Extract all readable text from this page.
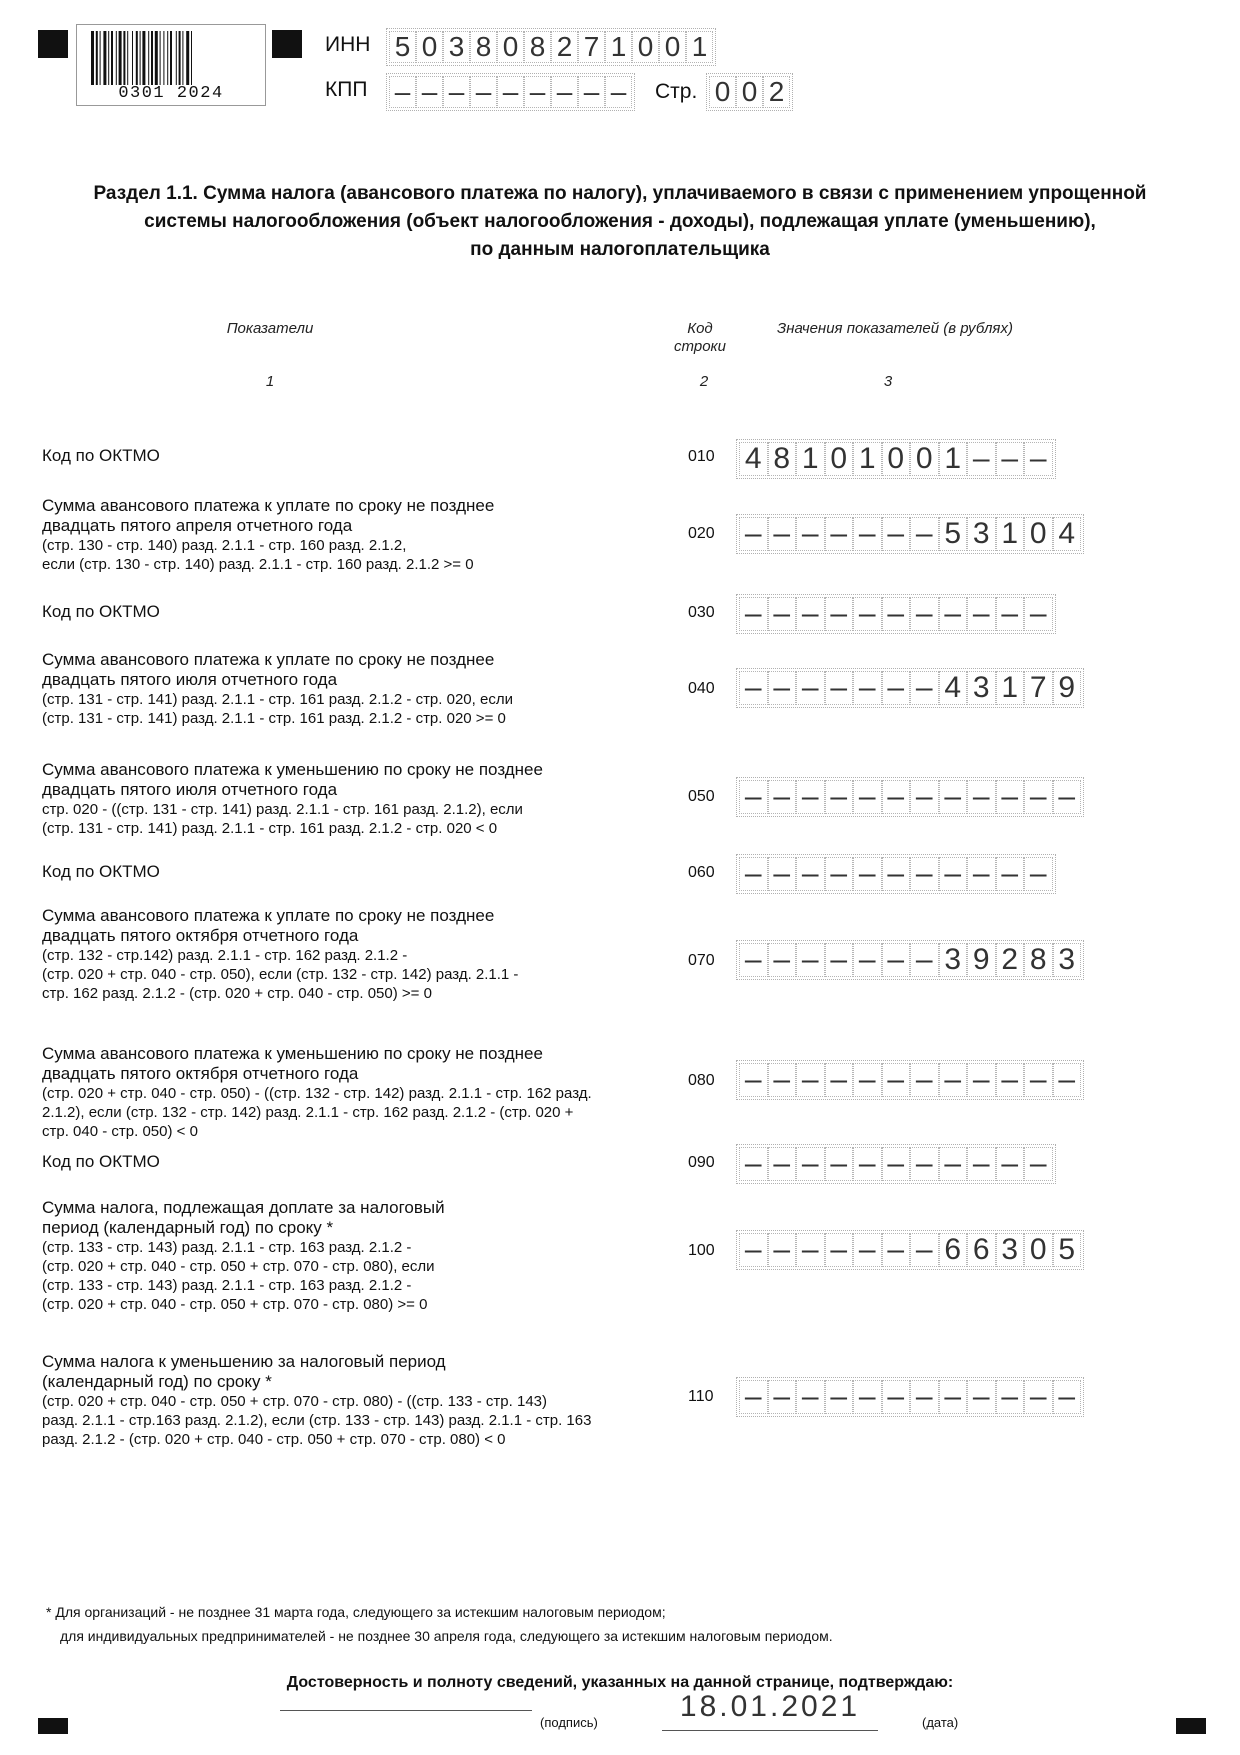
0301 2024
ИНН 5 0 3 8 0 8 2 7 1 0 0 1
КПП – – – – – – – – – Стр. 0 0 2
Раздел 1.1. Сумма налога (авансового платежа по налогу), уплачиваемого в связи с применением упрощенной
системы налогообложения (объект налогообложения - доходы), подлежащая уплате (уменьшению),
по данным налогоплательщика
Показатели	Код
строки
Значения показателей (в рублях)
1	2	3
Код по ОКТМО	010 4 8 1 0 1 0 0 1 – – –
Сумма авансового платежа к уплате по сроку не позднее
двадцать пятого апреля отчетного года
(стр. 130 - стр. 140) разд. 2.1.1 - стр. 160 разд. 2.1.2,
если (стр. 130 - стр. 140) разд. 2.1.1 - стр. 160 разд. 2.1.2 >= 0
020 – – – – – – – 5 3 1 0 4
Код по ОКТМО	030 – – – – – – – – – – –
Сумма авансового платежа к уплате по сроку не позднее
двадцать пятого июля отчетного года
(стр. 131 - стр. 141) разд. 2.1.1 - стр. 161 разд. 2.1.2 - стр. 020, если
(стр. 131 - стр. 141) разд. 2.1.1 - стр. 161 разд. 2.1.2 - стр. 020 >= 0
040 – – – – – – – 4 3 1 7 9
Сумма авансового платежа к уменьшению по сроку не позднее
двадцать пятого июля отчетного года
стр. 020 - ((стр. 131 - стр. 141) разд. 2.1.1 - стр. 161 разд. 2.1.2), если
(стр. 131 - стр. 141) разд. 2.1.1 - стр. 161 разд. 2.1.2 - стр. 020 < 0
050 – – – – – – – – – – – –
Код по ОКТМО	060 – – – – – – – – – – –
Сумма авансового платежа к уплате по сроку не позднее
двадцать пятого октября отчетного года
(стр. 132 - стр.142) разд. 2.1.1 - стр. 162 разд. 2.1.2 -
(стр. 020 + стр. 040 - стр. 050), если (стр. 132 - стр. 142) разд. 2.1.1 -
стр. 162 разд. 2.1.2 - (стр. 020 + стр. 040 - стр. 050) >= 0
070 – – – – – – – 3 9 2 8 3
Сумма авансового платежа к уменьшению по сроку не позднее
двадцать пятого октября отчетного года
(стр. 020 + стр. 040 - стр. 050) - ((стр. 132 - стр. 142) разд. 2.1.1 - стр. 162 разд.
2.1.2), если (стр. 132 - стр. 142) разд. 2.1.1 - стр. 162 разд. 2.1.2 - (стр. 020 +
стр. 040 - стр. 050) < 0
080 – – – – – – – – – – – –
Код по ОКТМО	090 – – – – – – – – – – –
Сумма налога, подлежащая доплате за налоговый
период (календарный год) по сроку *
(стр. 133 - стр. 143) разд. 2.1.1 - стр. 163 разд. 2.1.2 -
(стр. 020 + стр. 040 - стр. 050 + стр. 070 - стр. 080), если
(стр. 133 - стр. 143) разд. 2.1.1 - стр. 163 разд. 2.1.2 -
(стр. 020 + стр. 040 - стр. 050 + стр. 070 - стр. 080) >= 0
100 – – – – – – – 6 6 3 0 5
Сумма налога к уменьшению за налоговый период
(календарный год) по сроку *
(стр. 020 + стр. 040 - стр. 050 + стр. 070 - стр. 080) - ((стр. 133 - стр. 143)
разд. 2.1.1 - стр.163 разд. 2.1.2), если (стр. 133 - стр. 143) разд. 2.1.1 - стр. 163
разд. 2.1.2 - (стр. 020 + стр. 040 - стр. 050 + стр. 070 - стр. 080) < 0
110 – – – – – – – – – – – –
* Для организаций - не позднее 31 марта года, следующего за истекшим налоговым периодом;
для индивидуальных предпринимателей - не позднее 30 апреля года, следующего за истекшим налоговым периодом.
Достоверность и полноту сведений, указанных на данной странице, подтверждаю:
(подпись)	18.01.2021	(дата)
